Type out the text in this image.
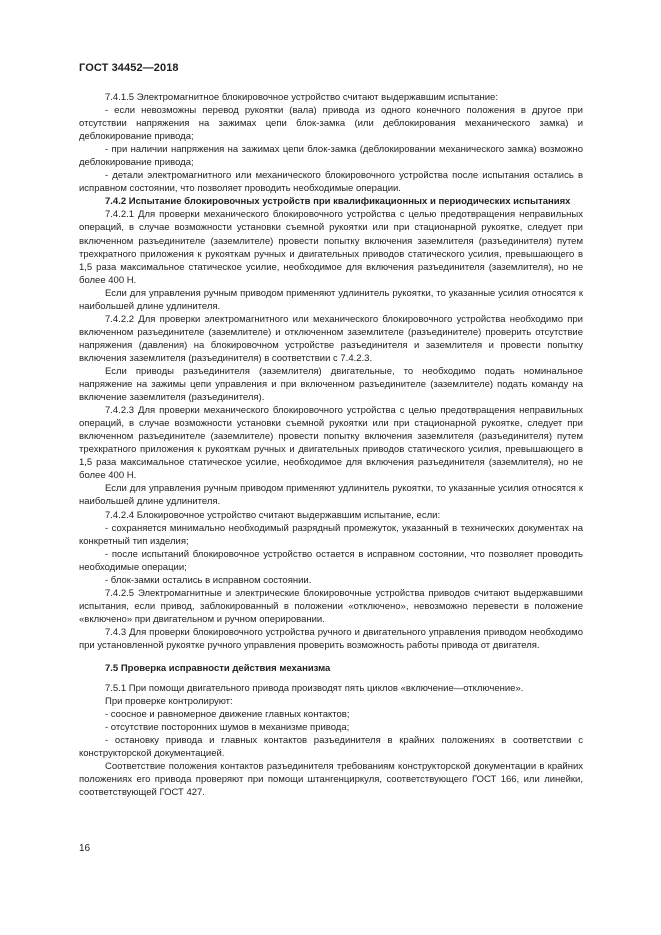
ГОСТ 34452—2018

7.4.1.5 Электромагнитное блокировочное устройство считают выдержавшим испытание:

- если невозможны перевод рукоятки (вала) привода из одного конечного положения в другое при отсутствии напряжения на зажимах цепи блок-замка (или деблокирования механического замка) и деблокирование привода;

- при наличии напряжения на зажимах цепи блок-замка (деблокировании механического замка) возможно деблокирование привода;

- детали электромагнитного или механического блокировочного устройства после испытания остались в исправном состоянии, что позволяет проводить необходимые операции.

7.4.2 Испытание блокировочных устройств при квалификационных и периодических испытаниях

7.4.2.1 Для проверки механического блокировочного устройства с целью предотвращения неправильных операций, в случае возможности установки съемной рукоятки или при стационарной рукоятке, следует при включенном разъединителе (заземлителе) провести попытку включения заземлителя (разъединителя) путем трехкратного приложения к рукояткам ручных и двигательных приводов статического усилия, превышающего в 1,5 раза максимальное статическое усилие, необходимое для включения разъединителя (заземлителя), но не более 400 Н.

Если для управления ручным приводом применяют удлинитель рукоятки, то указанные усилия относятся к наибольшей длине удлинителя.

7.4.2.2 Для проверки электромагнитного или механического блокировочного устройства необходимо при включенном разъединителе (заземлителе) и отключенном заземлителе (разъединителе) проверить отсутствие напряжения (давления) на блокировочном устройстве разъединителя и заземлителя и провести попытку включения заземлителя (разъединителя) в соответствии с 7.4.2.3.

Если приводы разъединителя (заземлителя) двигательные, то необходимо подать номинальное напряжение на зажимы цепи управления и при включенном разъединителе (заземлителе) подать команду на включение заземлителя (разъединителя).

7.4.2.3 Для проверки механического блокировочного устройства с целью предотвращения неправильных операций, в случае возможности установки съемной рукоятки или при стационарной рукоятке, следует при включенном разъединителе (заземлителе) провести попытку включения заземлителя (разъединителя) путем трехкратного приложения к рукояткам ручных и двигательных приводов статического усилия, превышающего в 1,5 раза максимальное статическое усилие, необходимое для включения разъединителя (заземлителя), но не более 400 Н.

Если для управления ручным приводом применяют удлинитель рукоятки, то указанные усилия относятся к наибольшей длине удлинителя.

7.4.2.4 Блокировочное устройство считают выдержавшим испытание, если:

- сохраняется минимально необходимый разрядный промежуток, указанный в технических документах на конкретный тип изделия;

- после испытаний блокировочное устройство остается в исправном состоянии, что позволяет проводить необходимые операции;

- блок-замки остались в исправном состоянии.

7.4.2.5 Электромагнитные и электрические блокировочные устройства приводов считают выдержавшими испытания, если привод, заблокированный в положении «отключено», невозможно перевести в положение «включено» при двигательном и ручном оперировании.

7.4.3 Для проверки блокировочного устройства ручного и двигательного управления приводом необходимо при установленной рукоятке ручного управления проверить возможность работы привода от двигателя.

7.5 Проверка исправности действия механизма

7.5.1 При помощи двигательного привода производят пять циклов «включение—отключение».

При проверке контролируют:

- соосное и равномерное движение главных контактов;

- отсутствие посторонних шумов в механизме привода;

- остановку привода и главных контактов разъединителя в крайних положениях в соответствии с конструкторской документацией.

Соответствие положения контактов разъединителя требованиям конструкторской документации в крайних положениях его привода проверяют при помощи штангенциркуля, соответствующего ГОСТ 166, или линейки, соответствующей ГОСТ 427.

16
